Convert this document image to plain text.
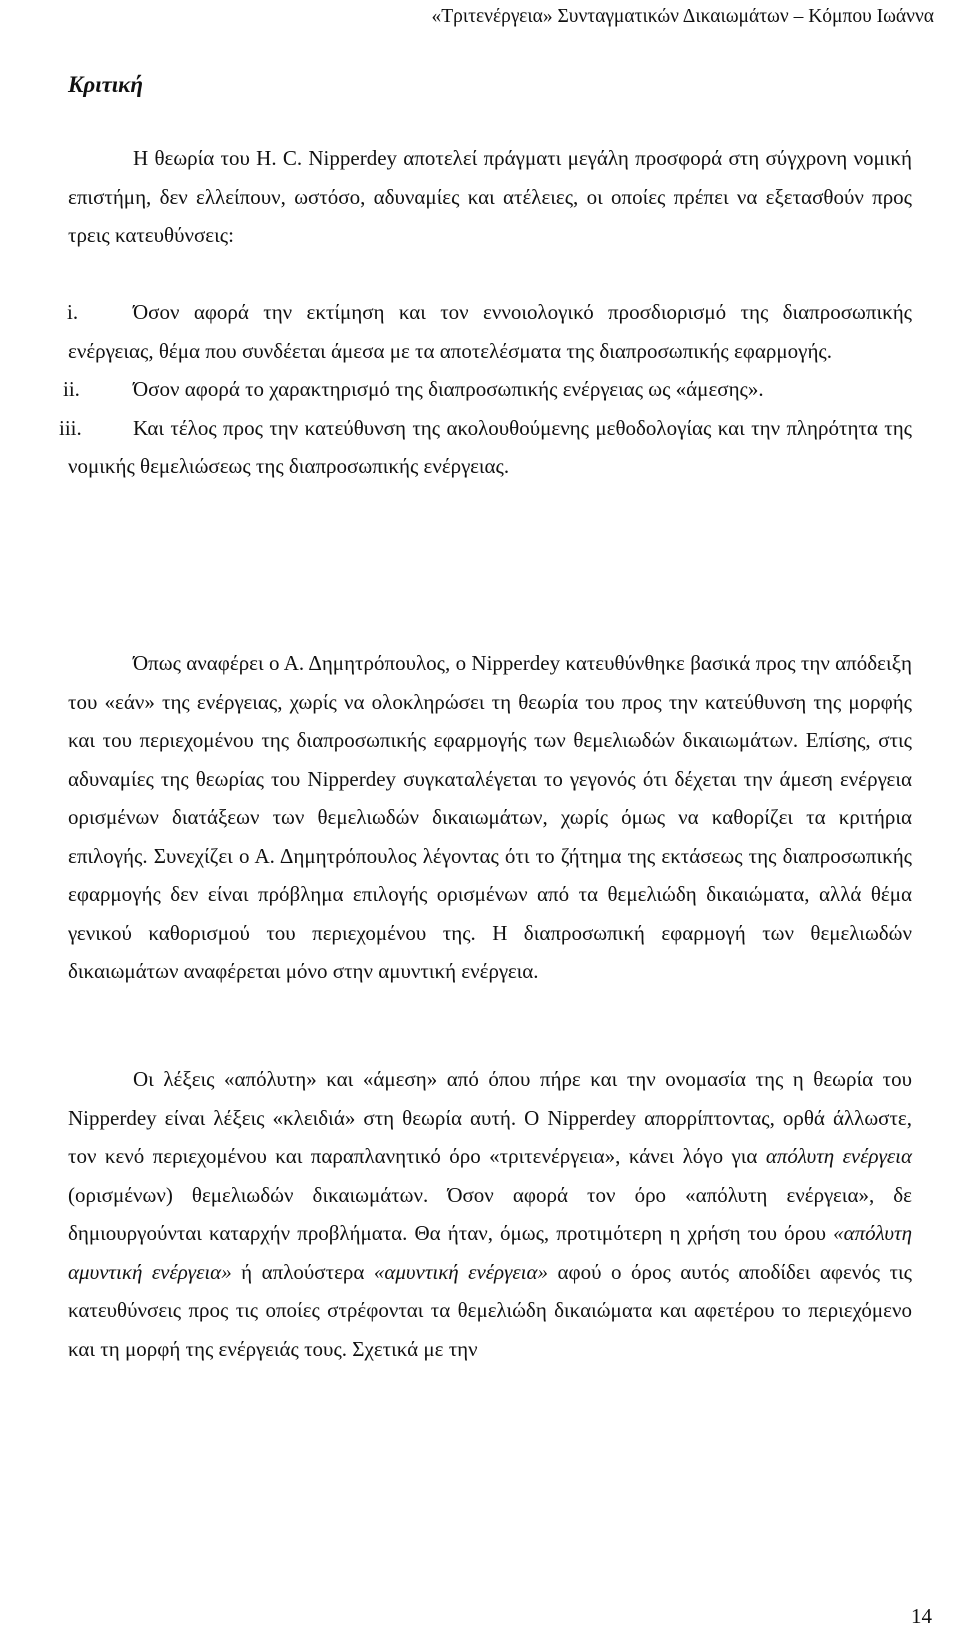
«Τριτενέργεια» Συνταγματικών Δικαιωμάτων – Κόμπου Ιωάννα
Κριτική

Η θεωρία του Η. C. Nipperdey αποτελεί πράγματι μεγάλη προσφορά στη σύγχρονη νομική επιστήμη, δεν ελλείπουν, ωστόσο, αδυναμίες και ατέλειες, οι οποίες πρέπει να εξετασθούν προς τρεις κατευθύνσεις:

i.	Όσον αφορά την εκτίμηση και τον εννοιολογικό προσδιορισμό της διαπροσωπικής ενέργειας, θέμα που συνδέεται άμεσα με τα αποτελέσματα της διαπροσωπικής εφαρμογής.
ii.	Όσον αφορά το χαρακτηρισμό της διαπροσωπικής ενέργειας ως «άμεσης».
iii.	Και τέλος προς την κατεύθυνση της ακολουθούμενης μεθοδολογίας και την πληρότητα της νομικής θεμελιώσεως της διαπροσωπικής ενέργειας.

Όπως αναφέρει ο Α. Δημητρόπουλος, ο Nipperdey κατευθύνθηκε βασικά προς την απόδειξη του «εάν» της ενέργειας, χωρίς να ολοκληρώσει τη θεωρία του προς την κατεύθυνση της μορφής και του περιεχομένου της διαπροσωπικής εφαρμογής των θεμελιωδών δικαιωμάτων. Επίσης, στις αδυναμίες της θεωρίας του Nipperdey συγκαταλέγεται το γεγονός ότι δέχεται την άμεση ενέργεια ορισμένων διατάξεων των θεμελιωδών δικαιωμάτων, χωρίς όμως να καθορίζει τα κριτήρια επιλογής. Συνεχίζει ο Α. Δημητρόπουλος λέγοντας ότι το ζήτημα της εκτάσεως της διαπροσωπικής εφαρμογής δεν είναι πρόβλημα επιλογής ορισμένων από τα θεμελιώδη δικαιώματα, αλλά θέμα γενικού καθορισμού του περιεχομένου της. Η διαπροσωπική εφαρμογή των θεμελιωδών δικαιωμάτων αναφέρεται μόνο στην αμυντική ενέργεια.

Οι λέξεις «απόλυτη» και «άμεση» από όπου πήρε και την ονομασία της η θεωρία του Nipperdey είναι λέξεις «κλειδιά» στη θεωρία αυτή. Ο Nipperdey απορρίπτοντας, ορθά άλλωστε, τον κενό περιεχομένου και παραπλανητικό όρο «τριτενέργεια», κάνει λόγο για απόλυτη ενέργεια (ορισμένων) θεμελιωδών δικαιωμάτων. Όσον αφορά τον όρο «απόλυτη ενέργεια», δε δημιουργούνται καταρχήν προβλήματα. Θα ήταν, όμως, προτιμότερη η χρήση του όρου «απόλυτη αμυντική ενέργεια» ή απλούστερα «αμυντική ενέργεια» αφού ο όρος αυτός αποδίδει αφενός τις κατευθύνσεις προς τις οποίες στρέφονται τα θεμελιώδη δικαιώματα και αφετέρου το περιεχόμενο και τη μορφή της ενέργειάς τους. Σχετικά με την

14
